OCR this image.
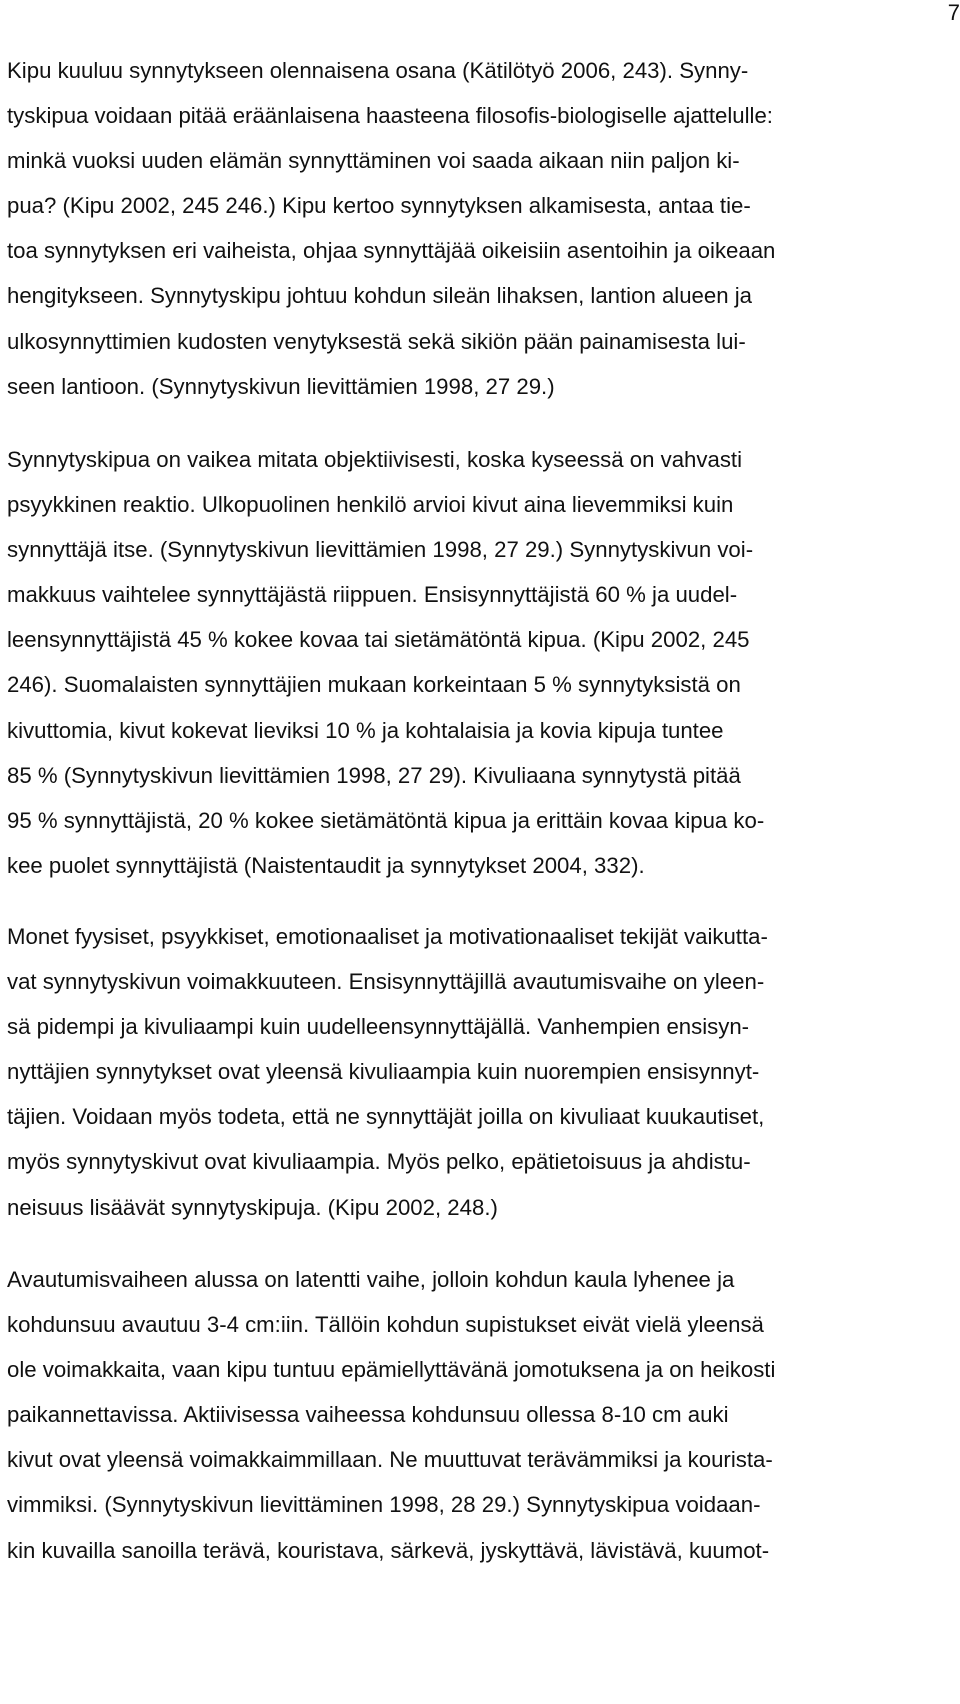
7
Kipu kuuluu synnytykseen olennaisena osana (Kätilötyö 2006, 243). Synny-
tyskipua voidaan pitää eräänlaisena haasteena filosofis-biologiselle ajattelulle:
minkä vuoksi uuden elämän synnyttäminen voi saada aikaan niin paljon ki-
pua? (Kipu 2002, 245 246.) Kipu kertoo synnytyksen alkamisesta, antaa tie-
toa synnytyksen eri vaiheista, ohjaa synnyttäjää oikeisiin asentoihin ja oikeaan
hengitykseen. Synnytyskipu johtuu kohdun sileän lihaksen, lantion alueen ja
ulkosynnyttimien kudosten venytyksestä sekä sikiön pään painamisesta lui-
seen lantioon. (Synnytyskivun lievittämien 1998, 27 29.)
Synnytyskipua on vaikea mitata objektiivisesti, koska kyseessä on vahvasti
psyykkinen reaktio. Ulkopuolinen henkilö arvioi kivut aina lievemmiksi kuin
synnyttäjä itse. (Synnytyskivun lievittämien 1998, 27 29.) Synnytyskivun voi-
makkuus vaihtelee synnyttäjästä riippuen. Ensisynnyttäjistä 60 % ja uudel-
leensynnyttäjistä 45 % kokee kovaa tai sietämätöntä kipua. (Kipu 2002, 245
246). Suomalaisten synnyttäjien mukaan korkeintaan 5 % synnytyksistä on
kivuttomia, kivut kokevat lieviksi 10 % ja kohtalaisia ja kovia kipuja tuntee
85 % (Synnytyskivun lievittämien 1998, 27 29). Kivuliaana synnytystä pitää
95 % synnyttäjistä, 20 % kokee sietämätöntä kipua ja erittäin kovaa kipua ko-
kee puolet synnyttäjistä (Naistentaudit ja synnytykset 2004, 332).
Monet fyysiset, psyykkiset, emotionaaliset ja motivationaaliset tekijät vaikutta-
vat synnytyskivun voimakkuuteen. Ensisynnyttäjillä avautumisvaihe on yleen-
sä pidempi ja kivuliaampi kuin uudelleensynnyttäjällä. Vanhempien ensisyn-
nyttäjien synnytykset ovat yleensä kivuliaampia kuin nuorempien ensisynnyt-
täjien. Voidaan myös todeta, että ne synnyttäjät joilla on kivuliaat kuukautiset,
myös synnytyskivut ovat kivuliaampia. Myös pelko, epätietoisuus ja ahdistu-
neisuus lisäävät synnytyskipuja. (Kipu 2002, 248.)
Avautumisvaiheen alussa on latentti vaihe, jolloin kohdun kaula lyhenee ja
kohdunsuu avautuu 3-4 cm:iin. Tällöin kohdun supistukset eivät vielä yleensä
ole voimakkaita, vaan kipu tuntuu epämiellyttävänä jomotuksena ja on heikosti
paikannettavissa. Aktiivisessa vaiheessa kohdunsuu ollessa 8-10 cm auki
kivut ovat yleensä voimakkaimmillaan. Ne muuttuvat terävämmiksi ja kouristа-
vimmiksi. (Synnytyskivun lievittäminen 1998, 28 29.) Synnytyskipua voidaan-
kin kuvailla sanoilla terävä, kouristava, särkevä, jyskyttävä, lävistävä, kuumot-
